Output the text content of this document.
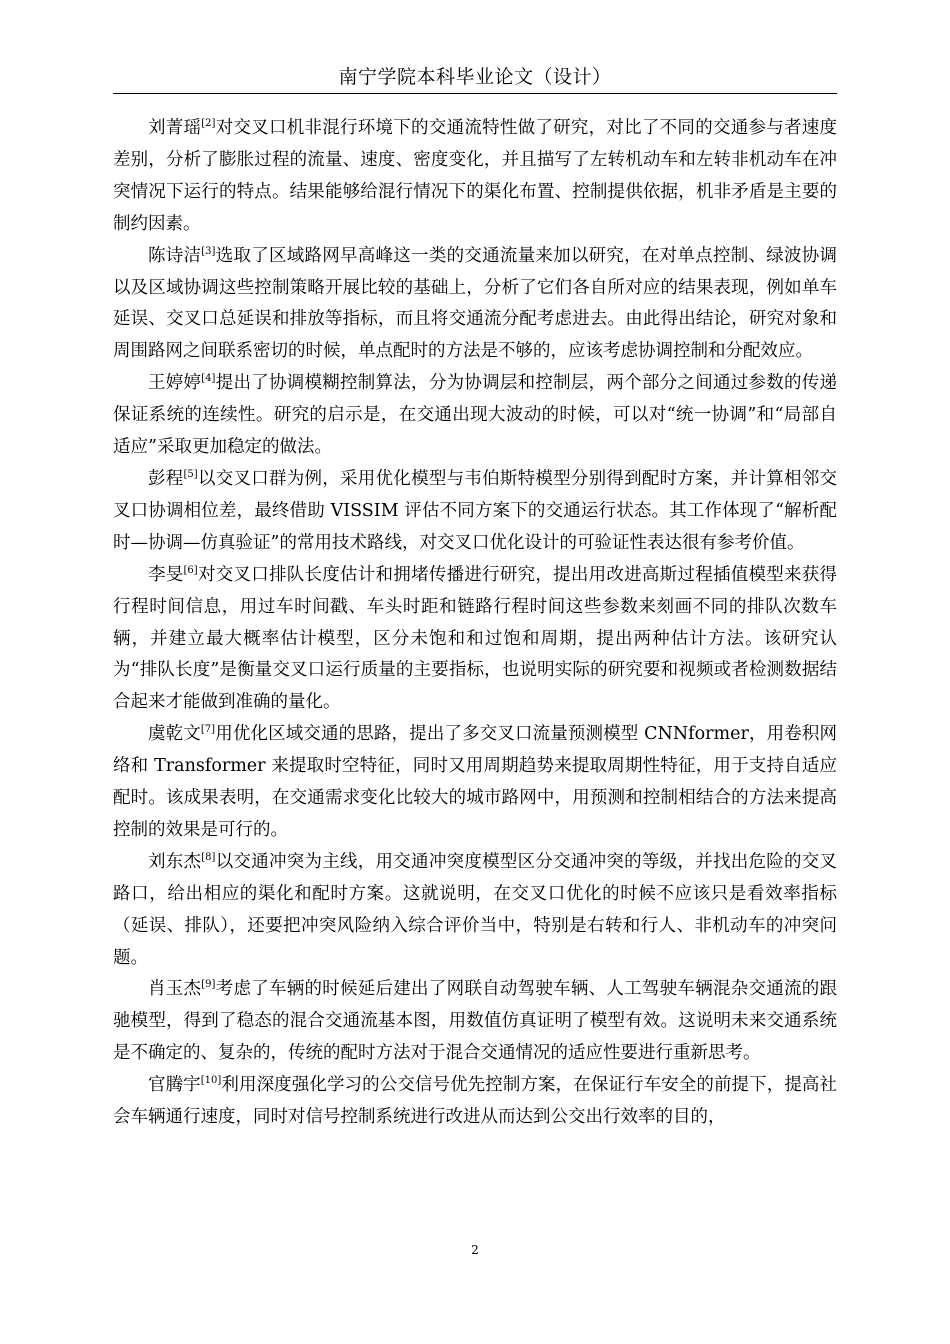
南宁学院本科毕业论文（设计）

刘菁瑶[2]对交叉口机非混行环境下的交通流特性做了研究，对比了不同的交通参与者速度差别，分析了膨胀过程的流量、速度、密度变化，并且描写了左转机动车和左转非机动车在冲突情况下运行的特点。结果能够给混行情况下的渠化布置、控制提供依据，机非矛盾是主要的制约因素。

陈诗洁[3]选取了区域路网早高峰这一类的交通流量来加以研究，在对单点控制、绿波协调以及区域协调这些控制策略开展比较的基础上，分析了它们各自所对应的结果表现，例如单车延误、交叉口总延误和排放等指标，而且将交通流分配考虑进去。由此得出结论，研究对象和周围路网之间联系密切的时候，单点配时的方法是不够的，应该考虑协调控制和分配效应。

王婷婷[4]提出了协调模糊控制算法，分为协调层和控制层，两个部分之间通过参数的传递保证系统的连续性。研究的启示是，在交通出现大波动的时候，可以对“统一协调”和“局部自适应”采取更加稳定的做法。

彭程[5]以交叉口群为例，采用优化模型与韦伯斯特模型分别得到配时方案，并计算相邻交叉口协调相位差，最终借助 VISSIM 评估不同方案下的交通运行状态。其工作体现了“解析配时—协调—仿真验证”的常用技术路线，对交叉口优化设计的可验证性表达很有参考价值。

李旻[6]对交叉口排队长度估计和拥堵传播进行研究，提出用改进高斯过程插值模型来获得行程时间信息，用过车时间戳、车头时距和链路行程时间这些参数来刻画不同的排队次数车辆，并建立最大概率估计模型，区分未饱和和过饱和周期，提出两种估计方法。该研究认为“排队长度”是衡量交叉口运行质量的主要指标，也说明实际的研究要和视频或者检测数据结合起来才能做到准确的量化。

虞乾文[7]用优化区域交通的思路，提出了多交叉口流量预测模型 CNNformer，用卷积网络和 Transformer 来提取时空特征，同时又用周期趋势来提取周期性特征，用于支持自适应配时。该成果表明，在交通需求变化比较大的城市路网中，用预测和控制相结合的方法来提高控制的效果是可行的。

刘东杰[8]以交通冲突为主线，用交通冲突度模型区分交通冲突的等级，并找出危险的交叉路口，给出相应的渠化和配时方案。这就说明，在交叉口优化的时候不应该只是看效率指标（延误、排队），还要把冲突风险纳入综合评价当中，特别是右转和行人、非机动车的冲突问题。

肖玉杰[9]考虑了车辆的时候延后建出了网联自动驾驶车辆、人工驾驶车辆混杂交通流的跟驰模型，得到了稳态的混合交通流基本图，用数值仿真证明了模型有效。这说明未来交通系统是不确定的、复杂的，传统的配时方法对于混合交通情况的适应性要进行重新思考。

官腾宇[10]利用深度强化学习的公交信号优先控制方案，在保证行车安全的前提下，提高社会车辆通行速度，同时对信号控制系统进行改进从而达到公交出行效率的目的，

2
